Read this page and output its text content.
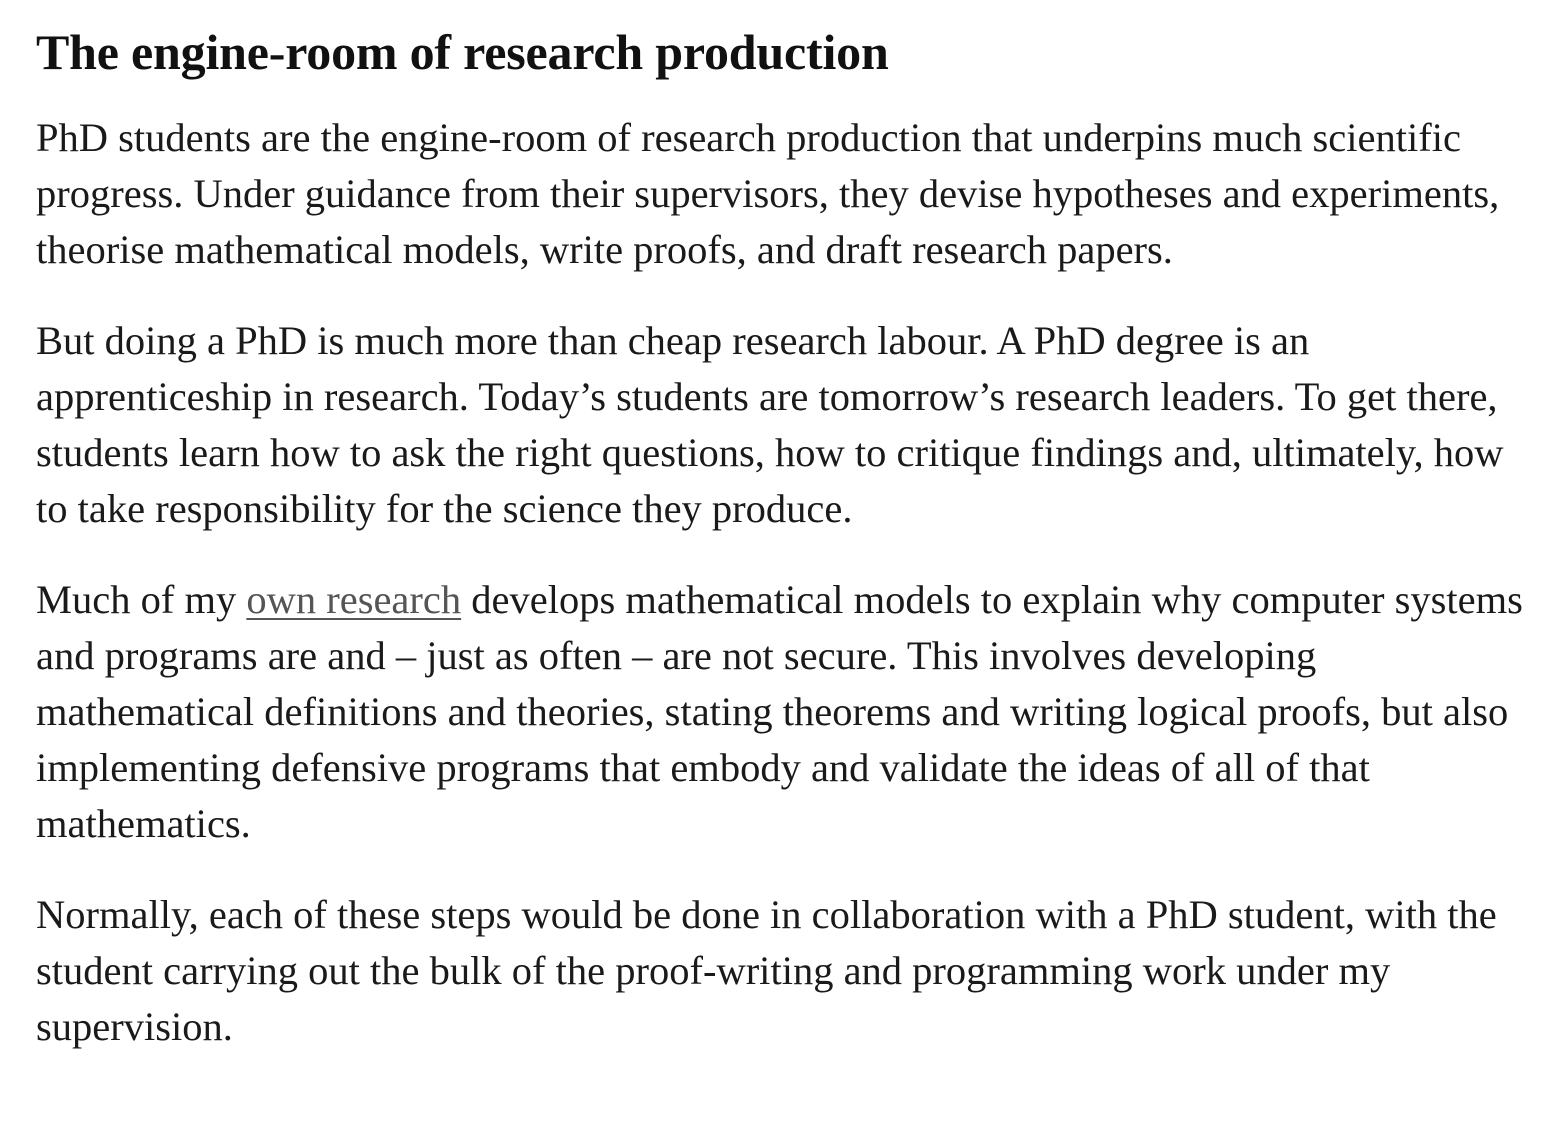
The engine-room of research production

PhD students are the engine-room of research production that underpins much scientific progress. Under guidance from their supervisors, they devise hypotheses and experiments, theorise mathematical models, write proofs, and draft research papers.

But doing a PhD is much more than cheap research labour. A PhD degree is an apprenticeship in research. Today’s students are tomorrow’s research leaders. To get there, students learn how to ask the right questions, how to critique findings and, ultimately, how to take responsibility for the science they produce.

Much of my own research develops mathematical models to explain why computer systems and programs are and – just as often – are not secure. This involves developing mathematical definitions and theories, stating theorems and writing logical proofs, but also implementing defensive programs that embody and validate the ideas of all of that mathematics.

Normally, each of these steps would be done in collaboration with a PhD student, with the student carrying out the bulk of the proof-writing and programming work under my supervision.
